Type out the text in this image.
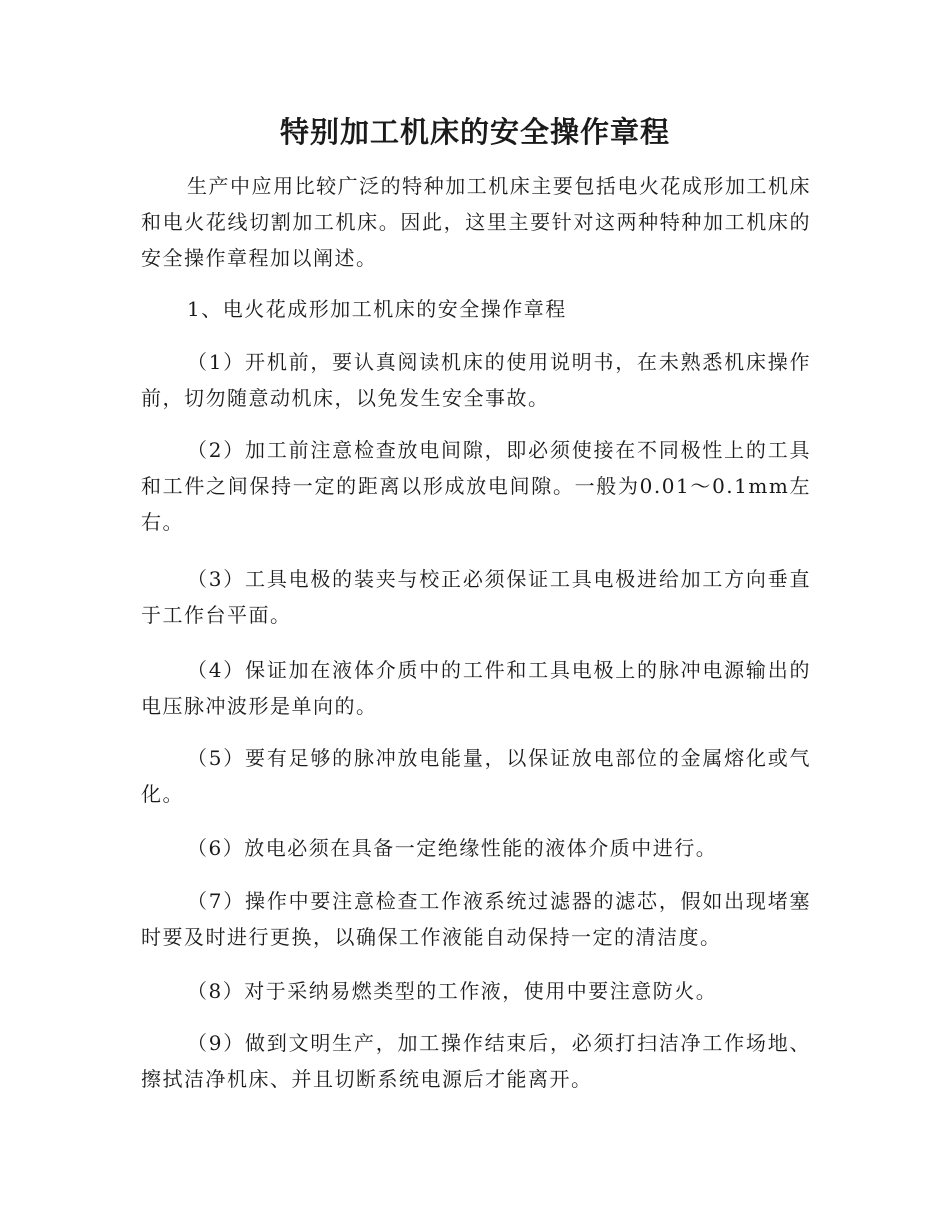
特别加工机床的安全操作章程

生产中应用比较广泛的特种加工机床主要包括电火花成形加工机床和电火花线切割加工机床。因此，这里主要针对这两种特种加工机床的安全操作章程加以阐述。

1、电火花成形加工机床的安全操作章程

（1）开机前，要认真阅读机床的使用说明书，在未熟悉机床操作前，切勿随意动机床，以免发生安全事故。

（2）加工前注意检查放电间隙，即必须使接在不同极性上的工具和工件之间保持一定的距离以形成放电间隙。一般为0.01～0.1mm左右。

（3）工具电极的装夹与校正必须保证工具电极进给加工方向垂直于工作台平面。

（4）保证加在液体介质中的工件和工具电极上的脉冲电源输出的电压脉冲波形是单向的。

（5）要有足够的脉冲放电能量，以保证放电部位的金属熔化或气化。

（6）放电必须在具备一定绝缘性能的液体介质中进行。

（7）操作中要注意检查工作液系统过滤器的滤芯，假如出现堵塞时要及时进行更换，以确保工作液能自动保持一定的清洁度。

（8）对于采纳易燃类型的工作液，使用中要注意防火。

（9）做到文明生产，加工操作结束后，必须打扫洁净工作场地、擦拭洁净机床、并且切断系统电源后才能离开。
